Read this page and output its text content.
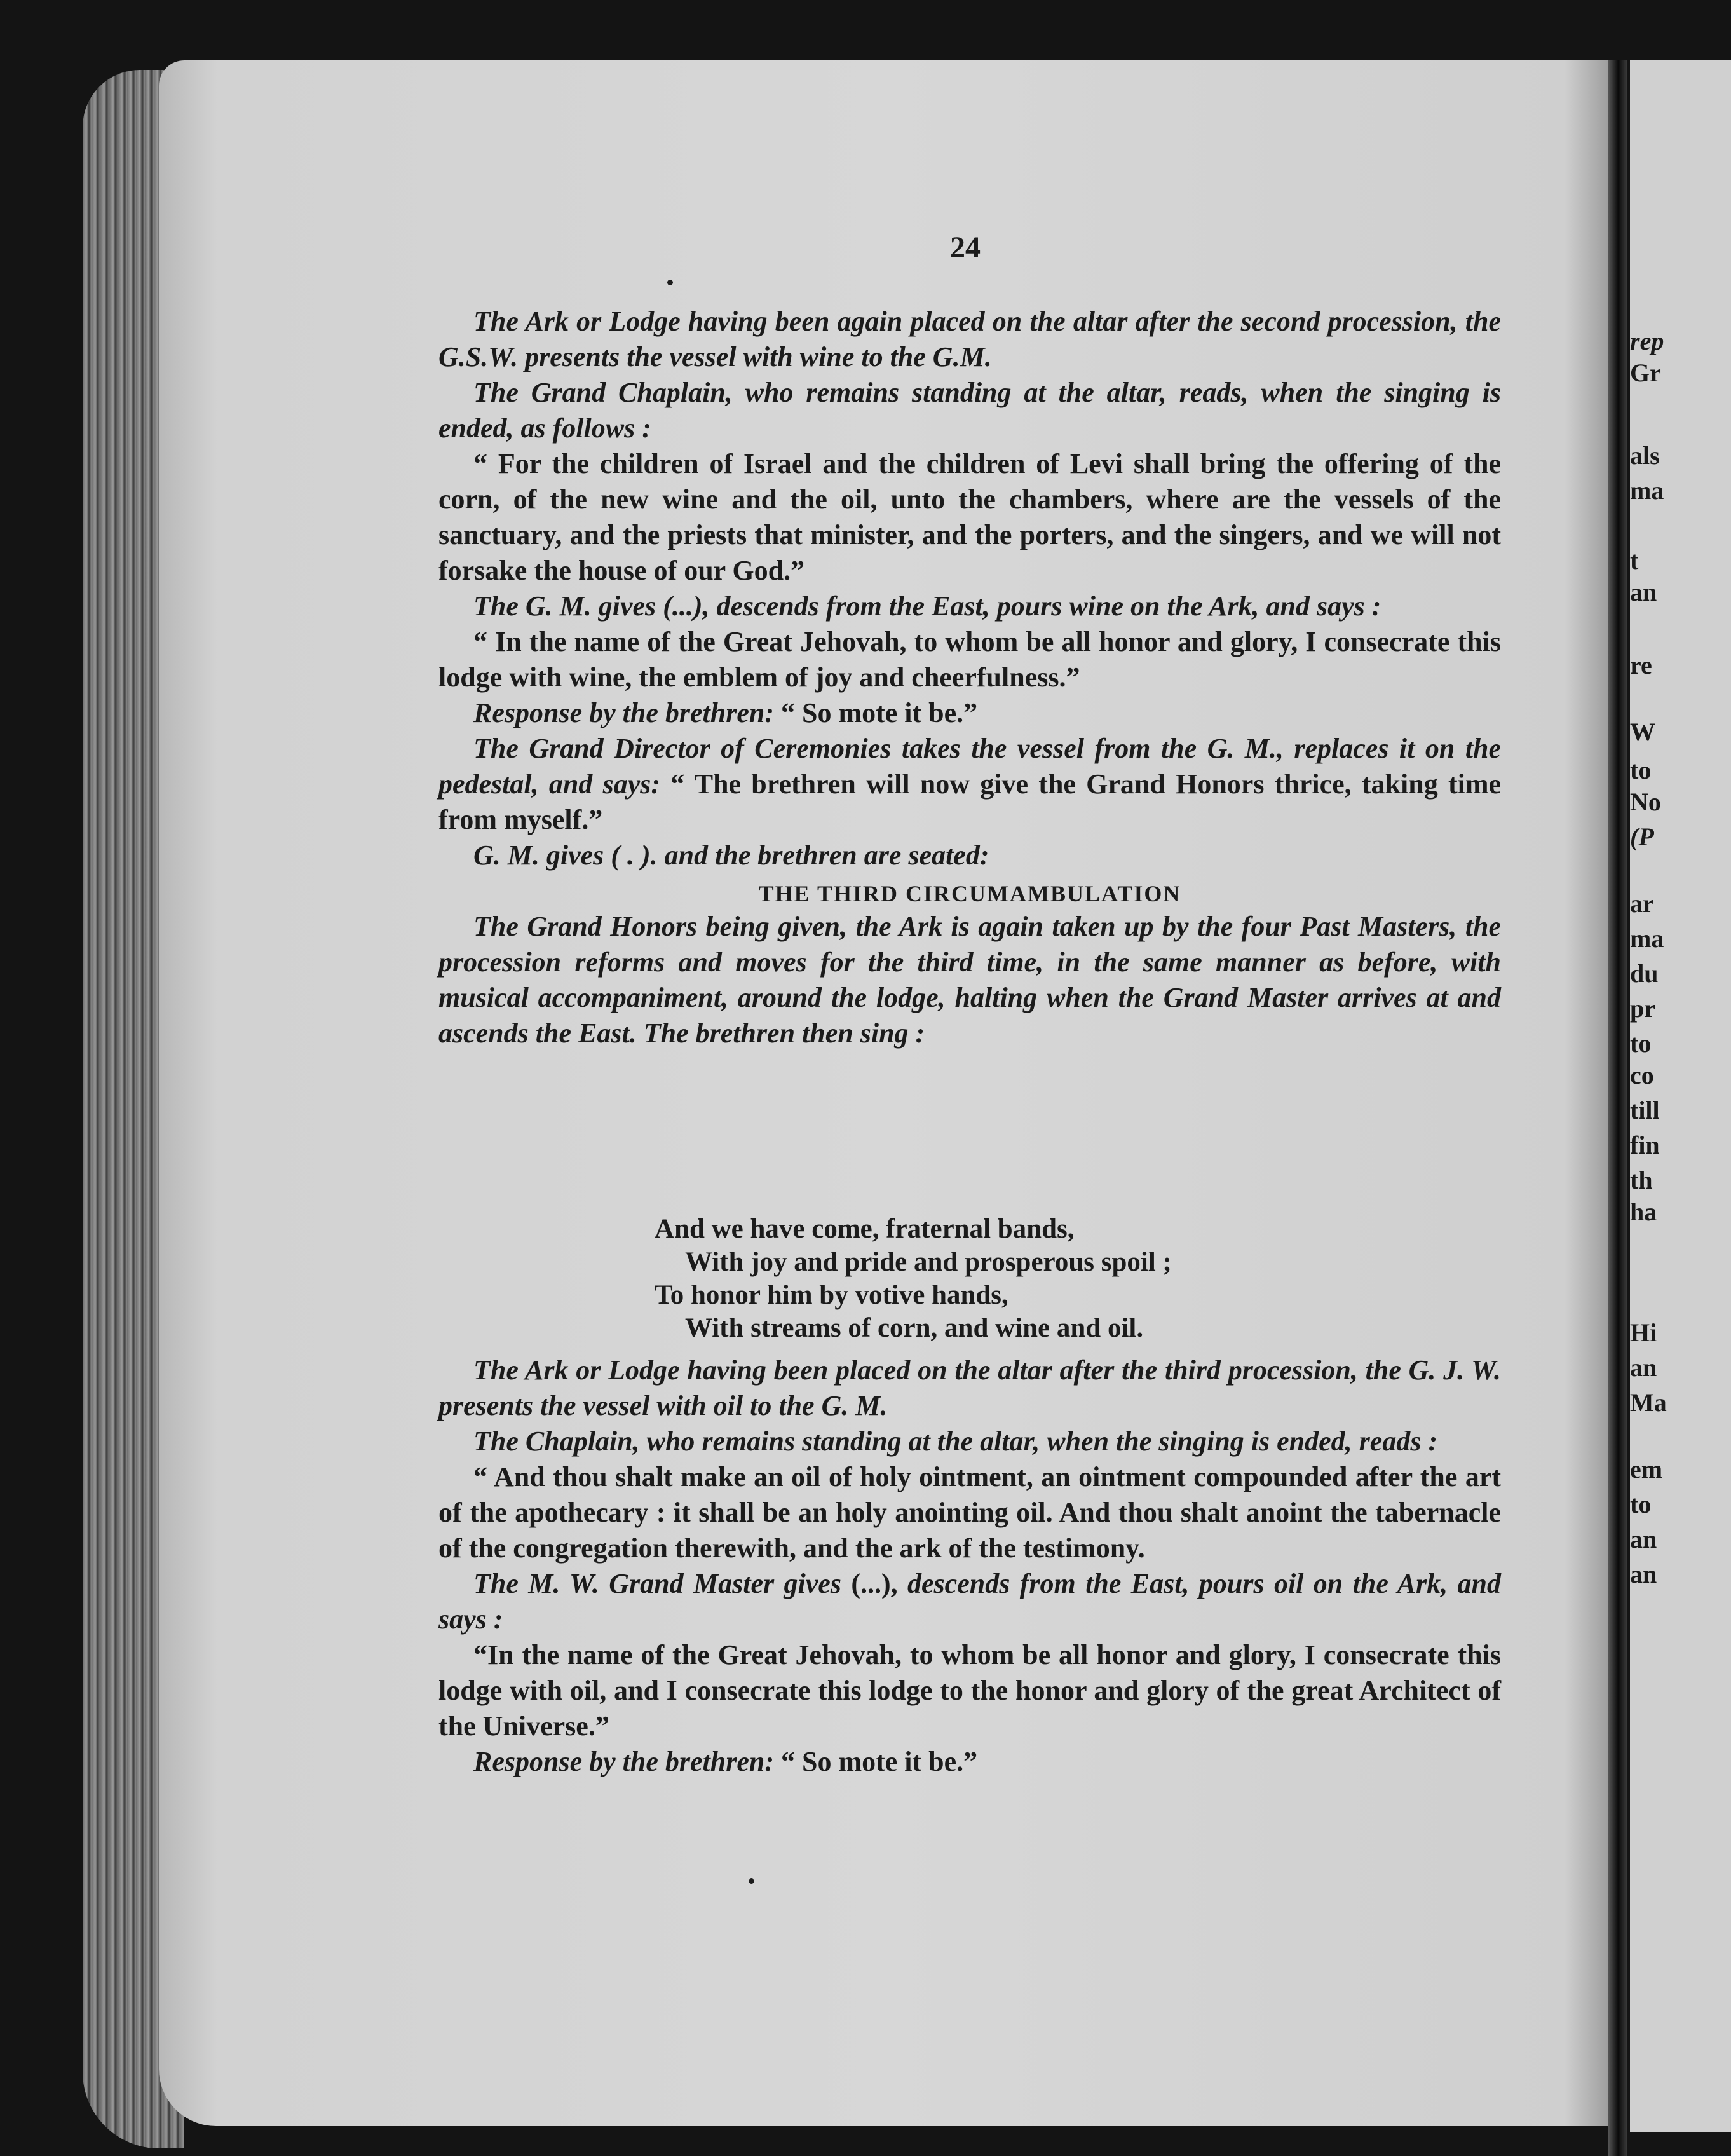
rep

Gr

als

ma

t

an

re

W

to

No

(P

ar

ma

du

pr

to

co

till

fin

th

ha

Hi

an

Ma

em

to

an

an

24

The Ark or Lodge having been again placed on the altar after the second procession, the G.S.W. presents the vessel with wine to the G.M.

The Grand Chaplain, who remains standing at the altar, reads, when the singing is ended, as follows :

“ For the children of Israel and the children of Levi shall bring the offering of the corn, of the new wine and the oil, unto the chambers, where are the vessels of the sanctuary, and the priests that minister, and the porters, and the singers, and we will not forsake the house of our God.”

The G. M. gives (...), descends from the East, pours wine on the Ark, and says :

“ In the name of the Great Jehovah, to whom be all honor and glory, I consecrate this lodge with wine, the emblem of joy and cheerfulness.”

Response by the brethren: “ So mote it be.”

The Grand Director of Ceremonies takes the vessel from the G. M., replaces it on the pedestal, and says: “ The brethren will now give the Grand Honors thrice, taking time from myself.”

G. M. gives ( . ). and the brethren are seated:

THE THIRD CIRCUMAMBULATION

The Grand Honors being given, the Ark is again taken up by the four Past Masters, the procession reforms and moves for the third time, in the same manner as before, with musical accompaniment, around the lodge, halting when the Grand Master arrives at and ascends the East. The brethren then sing :

And we have come, fraternal bands,
With joy and pride and prosperous spoil ;
To honor him by votive hands,
With streams of corn, and wine and oil.

The Ark or Lodge having been placed on the altar after the third procession, the G. J. W. presents the vessel with oil to the G. M.

The Chaplain, who remains standing at the altar, when the singing is ended, reads :

“ And thou shalt make an oil of holy ointment, an ointment compounded after the art of the apothecary : it shall be an holy anointing oil. And thou shalt anoint the tabernacle of the congregation therewith, and the ark of the testimony.

The M. W. Grand Master gives (...), descends from the East, pours oil on the Ark, and says :

“In the name of the Great Jehovah, to whom be all honor and glory, I consecrate this lodge with oil, and I consecrate this lodge to the honor and glory of the great Architect of the Universe.”

Response by the brethren: “ So mote it be.”
